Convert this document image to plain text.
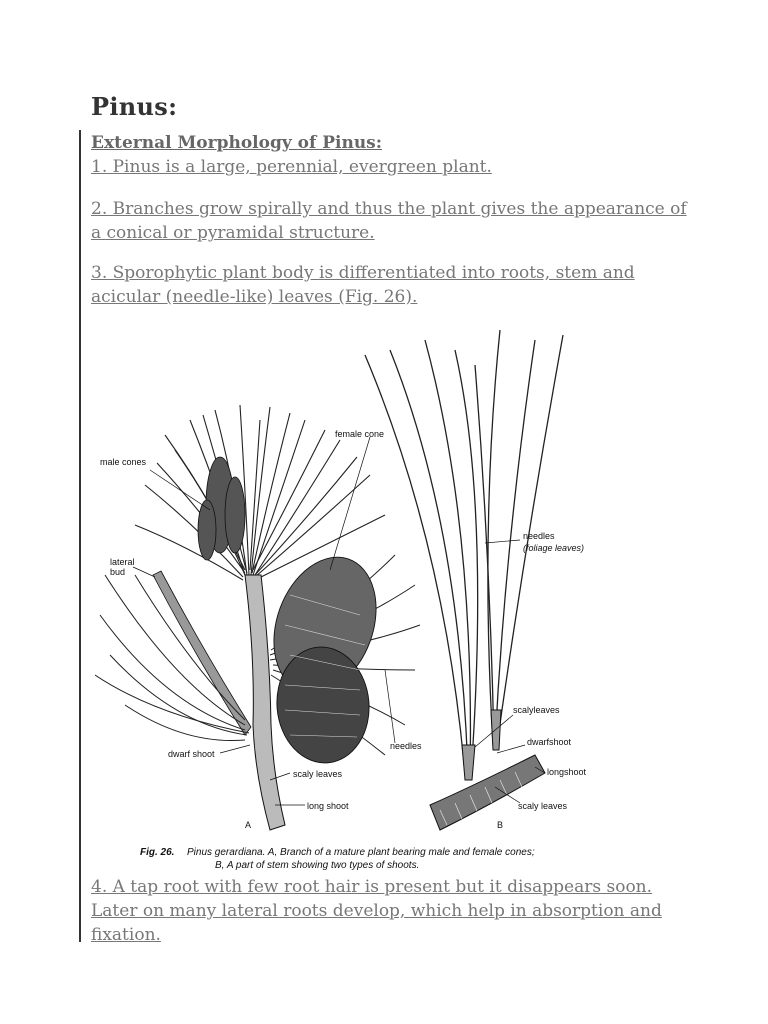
Pinus:
External Morphology of Pinus:

1. Pinus is a large, perennial, evergreen plant.

2. Branches grow spirally and thus the plant gives the appearance of a conical or pyramidal structure.

3. Sporophytic plant body is differentiated into roots, stem and acicular (needle-like) leaves (Fig. 26).

4. A tap root with few root hair is present but it disappears soon. Later on many lateral roots develop, which help in absorption and fixation.

male cones
female cone
lateral
bud
needles
dwarf shoot
scaly leaves
long shoot
A
needles
(foliage leaves)
scalyleaves
dwarfshoot
longshoot
scaly leaves
B
Fig. 26. Pinus gerardiana. A, Branch of a mature plant bearing male and female cones;
B, A part of stem showing two types of shoots.
